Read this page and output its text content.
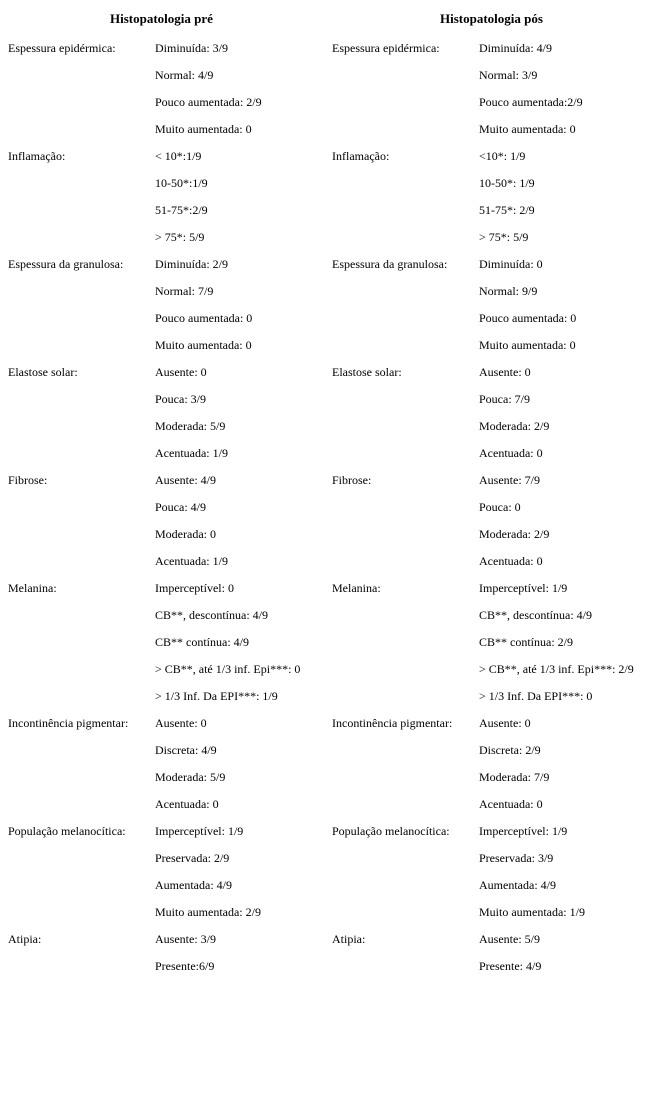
Histopatologia pré	Histopatologia pós
Espessura epidérmica:	Diminuída: 3/9	Espessura epidérmica:	Diminuída: 4/9
	Normal: 4/9		Normal: 3/9
	Pouco aumentada: 2/9		Pouco aumentada:2/9
	Muito aumentada: 0		Muito aumentada: 0
Inflamação:	< 10*:1/9	Inflamação:	<10*: 1/9
	10-50*:1/9		10-50*: 1/9
	51-75*:2/9		51-75*: 2/9
	> 75*: 5/9		> 75*: 5/9
Espessura da granulosa:	Diminuída: 2/9	Espessura da granulosa:	Diminuída: 0
	Normal: 7/9		Normal: 9/9
	Pouco aumentada: 0		Pouco aumentada: 0
	Muito aumentada: 0		Muito aumentada: 0
Elastose solar:	Ausente: 0	Elastose solar:	Ausente: 0
	Pouca: 3/9		Pouca: 7/9
	Moderada: 5/9		Moderada: 2/9
	Acentuada: 1/9		Acentuada: 0
Fibrose:	Ausente: 4/9	Fibrose:	Ausente: 7/9
	Pouca: 4/9		Pouca: 0
	Moderada: 0		Moderada: 2/9
	Acentuada: 1/9		Acentuada: 0
Melanina:	Imperceptível: 0	Melanina:	Imperceptível: 1/9
	CB**, descontínua: 4/9		CB**, descontínua: 4/9
	CB** contínua: 4/9		CB** contínua: 2/9
	> CB**, até 1/3 inf. Epi***: 0		> CB**, até 1/3 inf. Epi***: 2/9
	> 1/3 Inf. Da EPI***: 1/9		> 1/3 Inf. Da EPI***: 0
Incontinência pigmentar:	Ausente: 0	Incontinência pigmentar:	Ausente: 0
	Discreta: 4/9		Discreta: 2/9
	Moderada: 5/9		Moderada: 7/9
	Acentuada: 0		Acentuada: 0
População melanocítica:	Imperceptível: 1/9	População melanocítica:	Imperceptível: 1/9
	Preservada: 2/9		Preservada: 3/9
	Aumentada: 4/9		Aumentada: 4/9
	Muito aumentada: 2/9		Muito aumentada: 1/9
Atipia:	Ausente: 3/9	Atipia:	Ausente: 5/9
	Presente:6/9		Presente: 4/9
